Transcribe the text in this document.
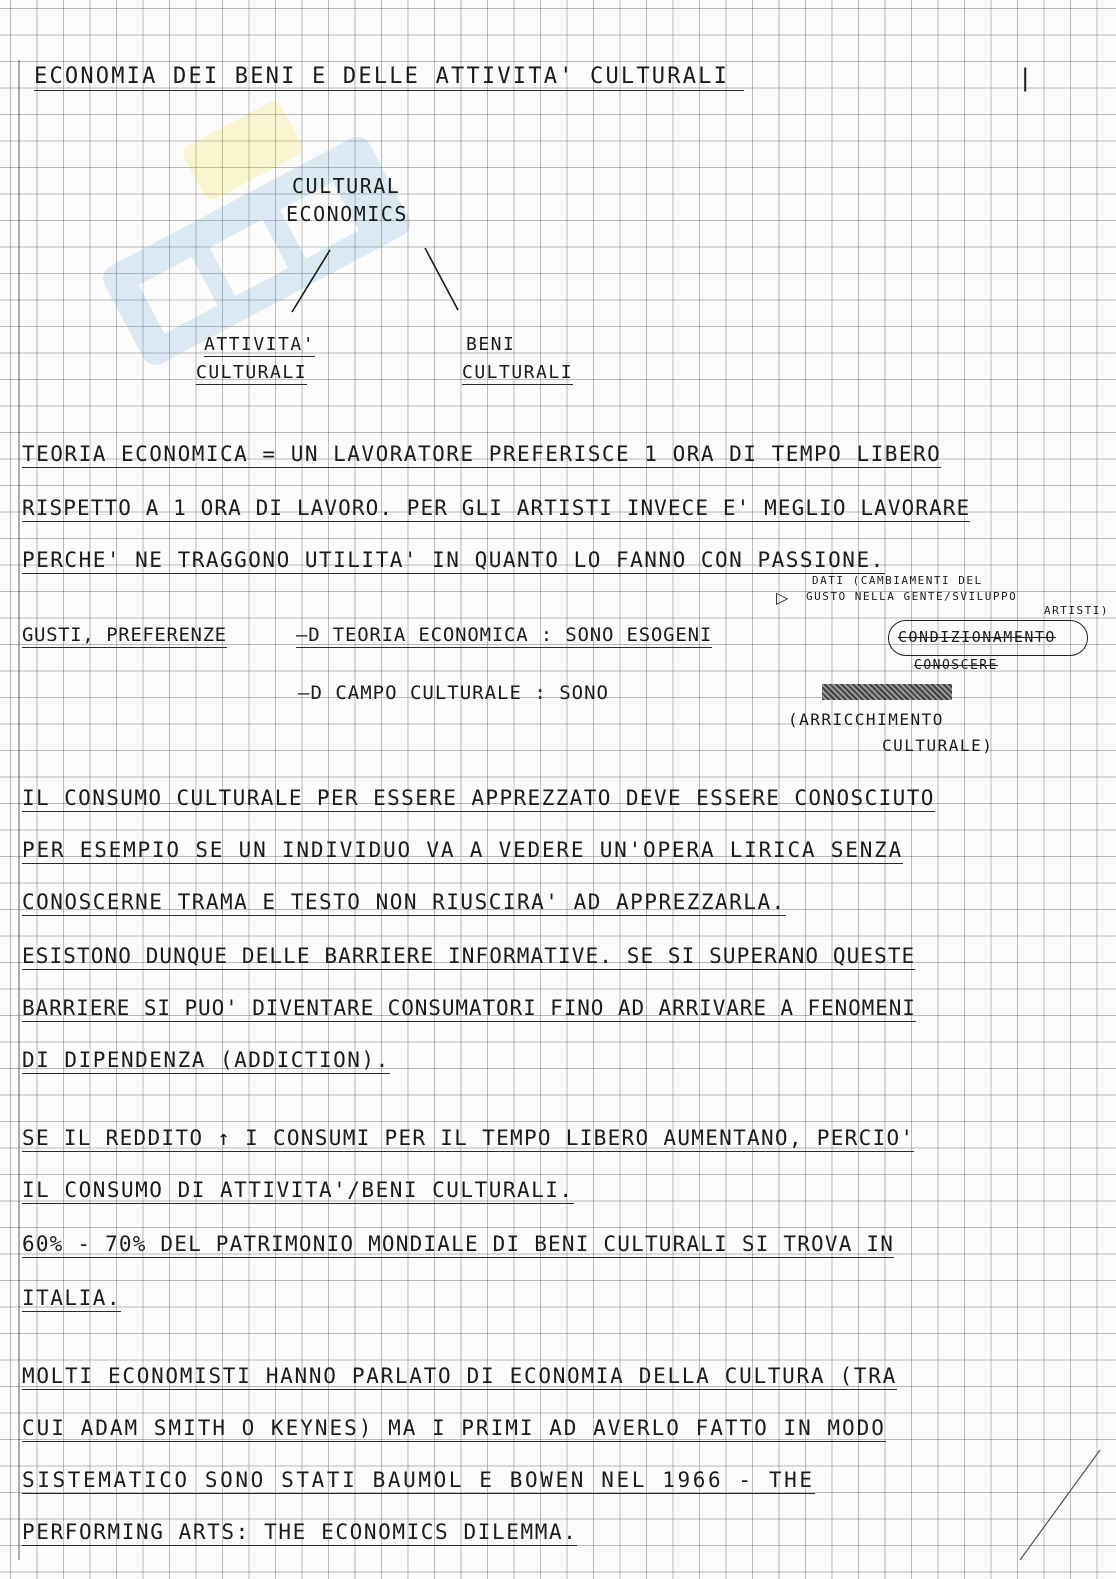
ECONOMIA DEI BENI E DELLE ATTIVITA' CULTURALI	|
CULTURAL
ECONOMICS
ATTIVITA'
CULTURALI
BENI
CULTURALI
TEORIA ECONOMICA = UN LAVORATORE PREFERISCE 1 ORA DI TEMPO LIBERO
RISPETTO A 1 ORA DI LAVORO. PER GLI ARTISTI INVECE E' MEGLIO LAVORARE
PERCHE' NE TRAGGONO UTILITA' IN QUANTO LO FANNO CON PASSIONE.
DATI (CAMBIAMENTI DEL
GUSTO NELLA GENTE/SVILUPPO
ARTISTI)
▷
GUSTI, PREFERENZE	—D TEORIA ECONOMICA : SONO ESOGENI	CONDIZIONAMENTO
CONOSCERE
—D CAMPO CULTURALE : SONO
(ARRICCHIMENTO
CULTURALE)
IL CONSUMO CULTURALE PER ESSERE APPREZZATO DEVE ESSERE CONOSCIUTO
PER ESEMPIO SE UN INDIVIDUO VA A VEDERE UN'OPERA LIRICA SENZA
CONOSCERNE TRAMA E TESTO NON RIUSCIRA' AD APPREZZARLA.
ESISTONO DUNQUE DELLE BARRIERE INFORMATIVE. SE SI SUPERANO QUESTE
BARRIERE SI PUO' DIVENTARE CONSUMATORI FINO AD ARRIVARE A FENOMENI
DI DIPENDENZA (ADDICTION).
SE IL REDDITO ↑ I CONSUMI PER IL TEMPO LIBERO AUMENTANO, PERCIO'
IL CONSUMO DI ATTIVITA'/BENI CULTURALI.
60% - 70% DEL PATRIMONIO MONDIALE DI BENI CULTURALI SI TROVA IN
ITALIA.
MOLTI ECONOMISTI HANNO PARLATO DI ECONOMIA DELLA CULTURA (TRA
CUI ADAM SMITH O KEYNES) MA I PRIMI AD AVERLO FATTO IN MODO
SISTEMATICO SONO STATI BAUMOL E BOWEN NEL 1966 - THE
PERFORMING ARTS: THE ECONOMICS DILEMMA.
